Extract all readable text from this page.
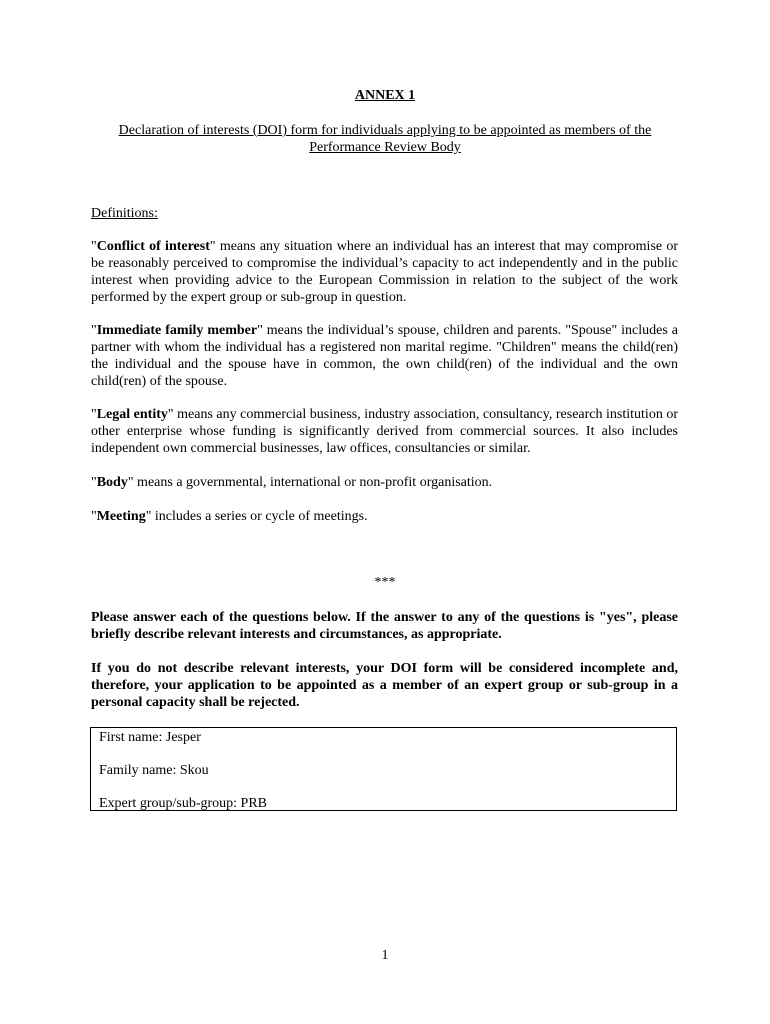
ANNEX 1
Declaration of interests (DOI) form for individuals applying to be appointed as members of the Performance Review Body
Definitions:
"Conflict of interest" means any situation where an individual has an interest that may compromise or be reasonably perceived to compromise the individual’s capacity to act independently and in the public interest when providing advice to the European Commission in relation to the subject of the work performed by the expert group or sub-group in question.
"Immediate family member" means the individual’s spouse, children and parents. "Spouse" includes a partner with whom the individual has a registered non marital regime. "Children" means the child(ren) the individual and the spouse have in common, the own child(ren) of the individual and the own child(ren) of the spouse.
"Legal entity" means any commercial business, industry association, consultancy, research institution or other enterprise whose funding is significantly derived from commercial sources. It also includes independent own commercial businesses, law offices, consultancies or similar.
"Body" means a governmental, international or non-profit organisation.
"Meeting" includes a series or cycle of meetings.
***
Please answer each of the questions below. If the answer to any of the questions is "yes", please briefly describe relevant interests and circumstances, as appropriate.
If you do not describe relevant interests, your DOI form will be considered incomplete and, therefore, your application to be appointed as a member of an expert group or sub-group in a personal capacity shall be rejected.
First name: Jesper
Family name: Skou
Expert group/sub-group: PRB
1
